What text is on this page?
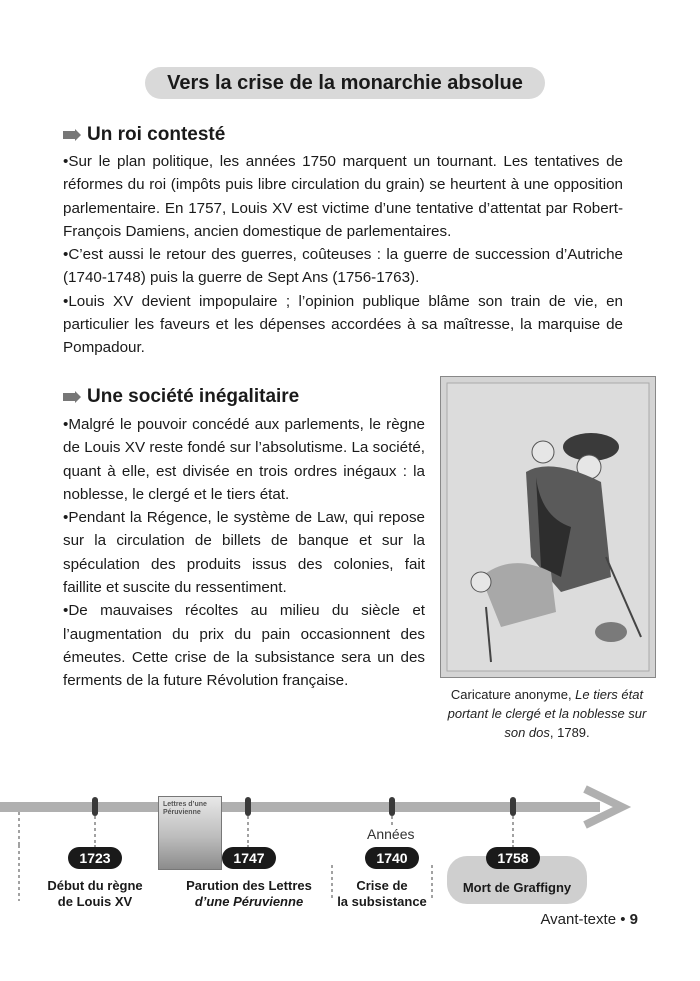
Vers la crise de la monarchie absolue
Un roi contesté

•Sur le plan politique, les années 1750 marquent un tournant. Les tentatives de réformes du roi (impôts puis libre circulation du grain) se heurtent à une opposition parlementaire. En 1757, Louis XV est victime d’une tentative d’attentat par Robert-François Damiens, ancien domestique de parlementaires.

•C’est aussi le retour des guerres, coûteuses : la guerre de succession d’Autriche (1740-1748) puis la guerre de Sept Ans (1756-1763).

•Louis XV devient impopulaire ; l’opinion publique blâme son train de vie, en particulier les faveurs et les dépenses accordées à sa maîtresse, la marquise de Pompadour.

Une société inégalitaire

•Malgré le pouvoir concédé aux parlements, le règne de Louis XV reste fondé sur l’absolutisme. La société, quant à elle, est divisée en trois ordres inégaux : la noblesse, le clergé et le tiers état.

•Pendant la Régence, le système de Law, qui repose sur la circulation de billets de banque et sur la spéculation des produits issus des colonies, fait faillite et suscite du ressentiment.

•De mauvaises récoltes au milieu du siècle et l’augmentation du prix du pain occasionnent des émeutes. Cette crise de la subsistance sera un des ferments de la future Révolution française.

Caricature anonyme, Le tiers état portant le clergé et la noblesse sur son dos, 1789.
Lettres d’une Péruvienne
Années
1723	1747	1740	1758
Début du règne
de Louis XV
Parution des Lettres
d’une Péruvienne
Crise de
la subsistance
Mort de Graffigny
Avant-texte • 9
